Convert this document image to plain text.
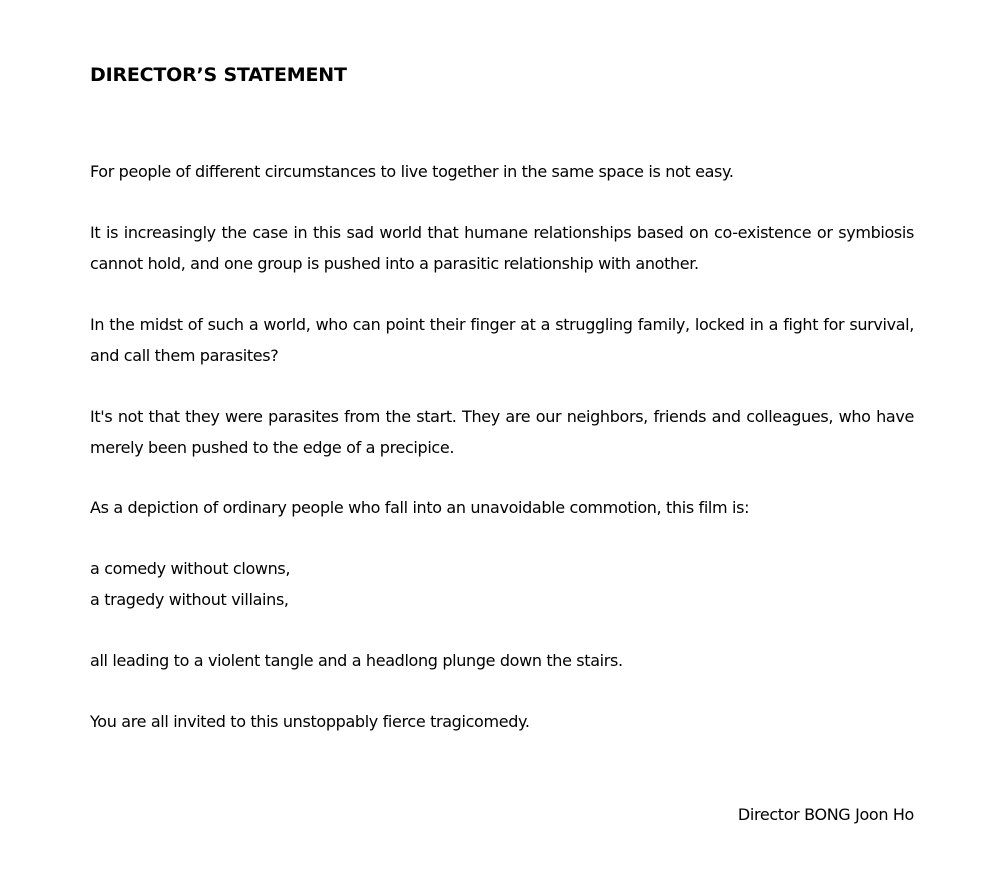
DIRECTOR’S STATEMENT

For people of different circumstances to live together in the same space is not easy.

It is increasingly the case in this sad world that humane relationships based on co-existence or symbiosis cannot hold, and one group is pushed into a parasitic relationship with another.

In the midst of such a world, who can point their finger at a struggling family, locked in a fight for survival, and call them parasites?

It's not that they were parasites from the start. They are our neighbors, friends and colleagues, who have merely been pushed to the edge of a precipice.

As a depiction of ordinary people who fall into an unavoidable commotion, this film is:

a comedy without clowns,

a tragedy without villains,

all leading to a violent tangle and a headlong plunge down the stairs.

You are all invited to this unstoppably fierce tragicomedy.

Director BONG Joon Ho
